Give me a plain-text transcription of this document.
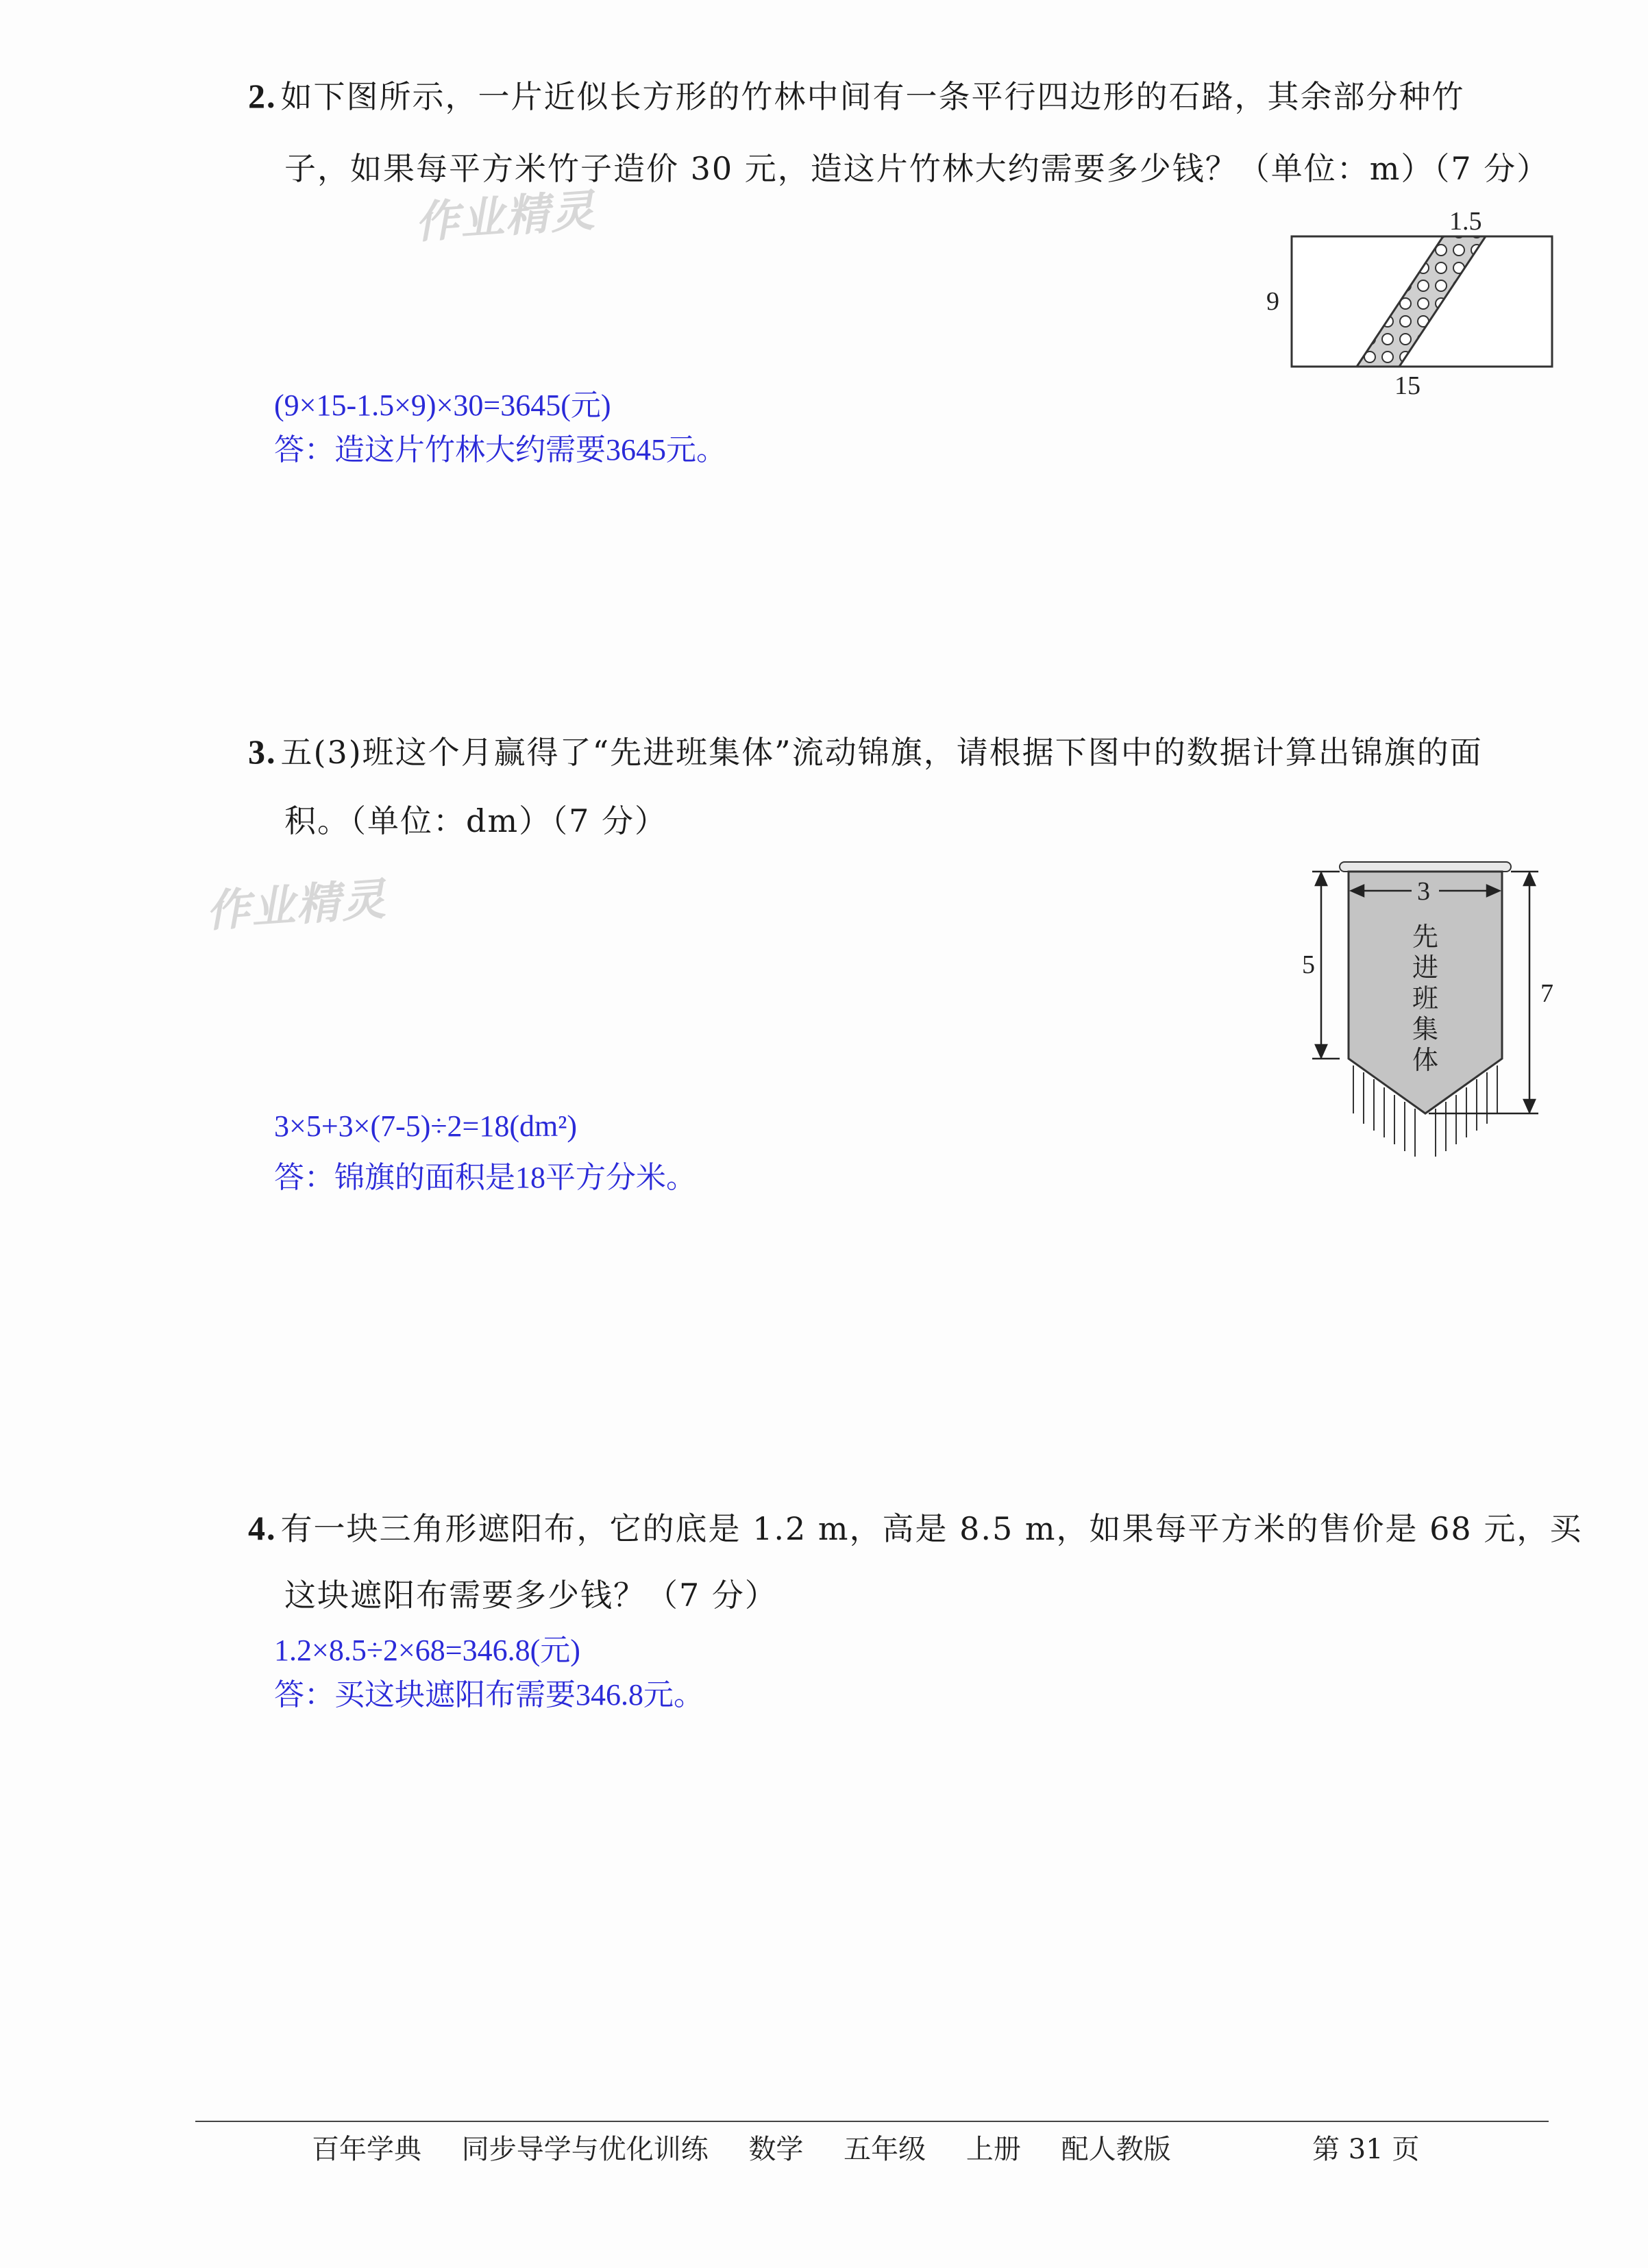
2. 如下图所示，一片近似长方形的竹林中间有一条平行四边形的石路，其余部分种竹
子，如果每平方米竹子造价 30 元，造这片竹林大约需要多少钱？（单位：m）（7 分）
作业精灵	1.5
9
15
(9×15-1.5×9)×30=3645(元)
答：造这片竹林大约需要3645元。
3. 五(3)班这个月赢得了“先进班集体”流动锦旗，请根据下图中的数据计算出锦旗的面
积。（单位：dm）（7 分）
作业精灵	3
5
7
先
进
班
集
体
3×5+3×(7-5)÷2=18(dm²)
答：锦旗的面积是18平方分米。
4. 有一块三角形遮阳布，它的底是 1.2 m，高是 8.5 m，如果每平方米的售价是 68 元，买
这块遮阳布需要多少钱？（7 分）
1.2×8.5÷2×68=346.8(元)
答：买这块遮阳布需要346.8元。
百年学典 同步导学与优化训练 数学 五年级 上册 配人教版	第 31 页
